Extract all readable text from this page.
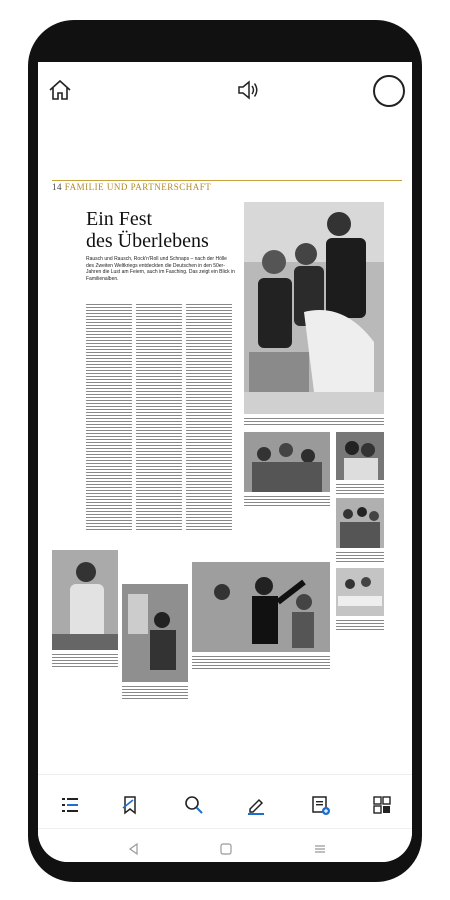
14 FAMILIE UND PARTNERSCHAFT
Ein Fest
des Überlebens
Rausch und Rausch, Rock'n'Roll und Schnaps – nach der Hölle des Zweiten Weltkriegs entdeckten die Deutschen in den 50er-Jahren die Lust am Feiern, auch im Fasching. Das zeigt ein Blick in Familienalben.
